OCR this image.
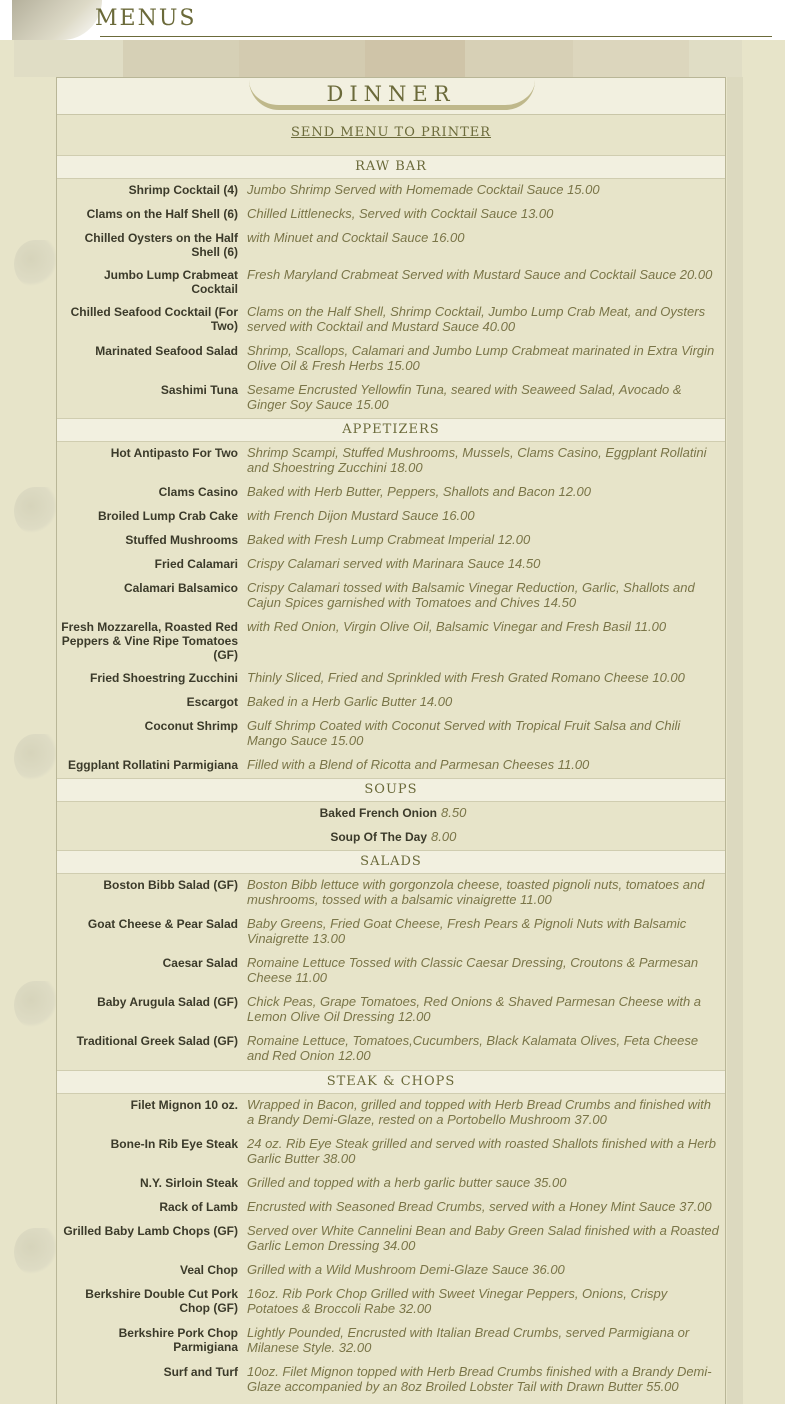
MENUS
DINNER
SEND MENU TO PRINTER
RAW BAR
Shrimp Cocktail (4) Jumbo Shrimp Served with Homemade Cocktail Sauce 15.00
Clams on the Half Shell (6) Chilled Littlenecks, Served with Cocktail Sauce 13.00
Chilled Oysters on the Half Shell (6)
with Minuet and Cocktail Sauce 16.00
Jumbo Lump Crabmeat Cocktail
Fresh Maryland Crabmeat Served with Mustard Sauce and Cocktail Sauce 20.00
Chilled Seafood Cocktail (For Two)
Clams on the Half Shell, Shrimp Cocktail, Jumbo Lump Crab Meat, and Oysters served with Cocktail and Mustard Sauce 40.00
Marinated Seafood Salad Shrimp, Scallops, Calamari and Jumbo Lump Crabmeat marinated in Extra Virgin Olive Oil & Fresh Herbs 15.00
Sashimi Tuna Sesame Encrusted Yellowfin Tuna, seared with Seaweed Salad, Avocado & Ginger Soy Sauce 15.00
APPETIZERS
Hot Antipasto For Two Shrimp Scampi, Stuffed Mushrooms, Mussels, Clams Casino, Eggplant Rollatini and Shoestring Zucchini 18.00
Clams Casino Baked with Herb Butter, Peppers, Shallots and Bacon 12.00
Broiled Lump Crab Cake with French Dijon Mustard Sauce 16.00
Stuffed Mushrooms Baked with Fresh Lump Crabmeat Imperial 12.00
Fried Calamari Crispy Calamari served with Marinara Sauce 14.50
Calamari Balsamico Crispy Calamari tossed with Balsamic Vinegar Reduction, Garlic, Shallots and Cajun Spices garnished with Tomatoes and Chives 14.50
Fresh Mozzarella, Roasted Red Peppers & Vine Ripe Tomatoes (GF)
with Red Onion, Virgin Olive Oil, Balsamic Vinegar and Fresh Basil 11.00
Fried Shoestring Zucchini Thinly Sliced, Fried and Sprinkled with Fresh Grated Romano Cheese 10.00
Escargot Baked in a Herb Garlic Butter 14.00
Coconut Shrimp Gulf Shrimp Coated with Coconut Served with Tropical Fruit Salsa and Chili Mango Sauce 15.00
Eggplant Rollatini Parmigiana Filled with a Blend of Ricotta and Parmesan Cheeses 11.00
SOUPS
Baked French Onion 8.50
Soup Of The Day 8.00
SALADS
Boston Bibb Salad (GF) Boston Bibb lettuce with gorgonzola cheese, toasted pignoli nuts, tomatoes and mushrooms, tossed with a balsamic vinaigrette 11.00
Goat Cheese & Pear Salad Baby Greens, Fried Goat Cheese, Fresh Pears & Pignoli Nuts with Balsamic Vinaigrette 13.00
Caesar Salad Romaine Lettuce Tossed with Classic Caesar Dressing, Croutons & Parmesan Cheese 11.00
Baby Arugula Salad (GF) Chick Peas, Grape Tomatoes, Red Onions & Shaved Parmesan Cheese with a Lemon Olive Oil Dressing 12.00
Traditional Greek Salad (GF) Romaine Lettuce, Tomatoes,Cucumbers, Black Kalamata Olives, Feta Cheese and Red Onion 12.00
STEAK & CHOPS
Filet Mignon 10 oz. Wrapped in Bacon, grilled and topped with Herb Bread Crumbs and finished with a Brandy Demi-Glaze, rested on a Portobello Mushroom 37.00
Bone-In Rib Eye Steak 24 oz. Rib Eye Steak grilled and served with roasted Shallots finished with a Herb Garlic Butter 38.00
N.Y. Sirloin Steak Grilled and topped with a herb garlic butter sauce 35.00
Rack of Lamb Encrusted with Seasoned Bread Crumbs, served with a Honey Mint Sauce 37.00
Grilled Baby Lamb Chops (GF) Served over White Cannelini Bean and Baby Green Salad finished with a Roasted Garlic Lemon Dressing 34.00
Veal Chop Grilled with a Wild Mushroom Demi-Glaze Sauce 36.00
Berkshire Double Cut Pork Chop (GF)
16oz. Rib Pork Chop Grilled with Sweet Vinegar Peppers, Onions, Crispy Potatoes & Broccoli Rabe 32.00
Berkshire Pork Chop Parmigiana
Lightly Pounded, Encrusted with Italian Bread Crumbs, served Parmigiana or Milanese Style. 32.00
Surf and Turf 10oz. Filet Mignon topped with Herb Bread Crumbs finished with a Brandy Demi-Glaze accompanied by an 8oz Broiled Lobster Tail with Drawn Butter 55.00
